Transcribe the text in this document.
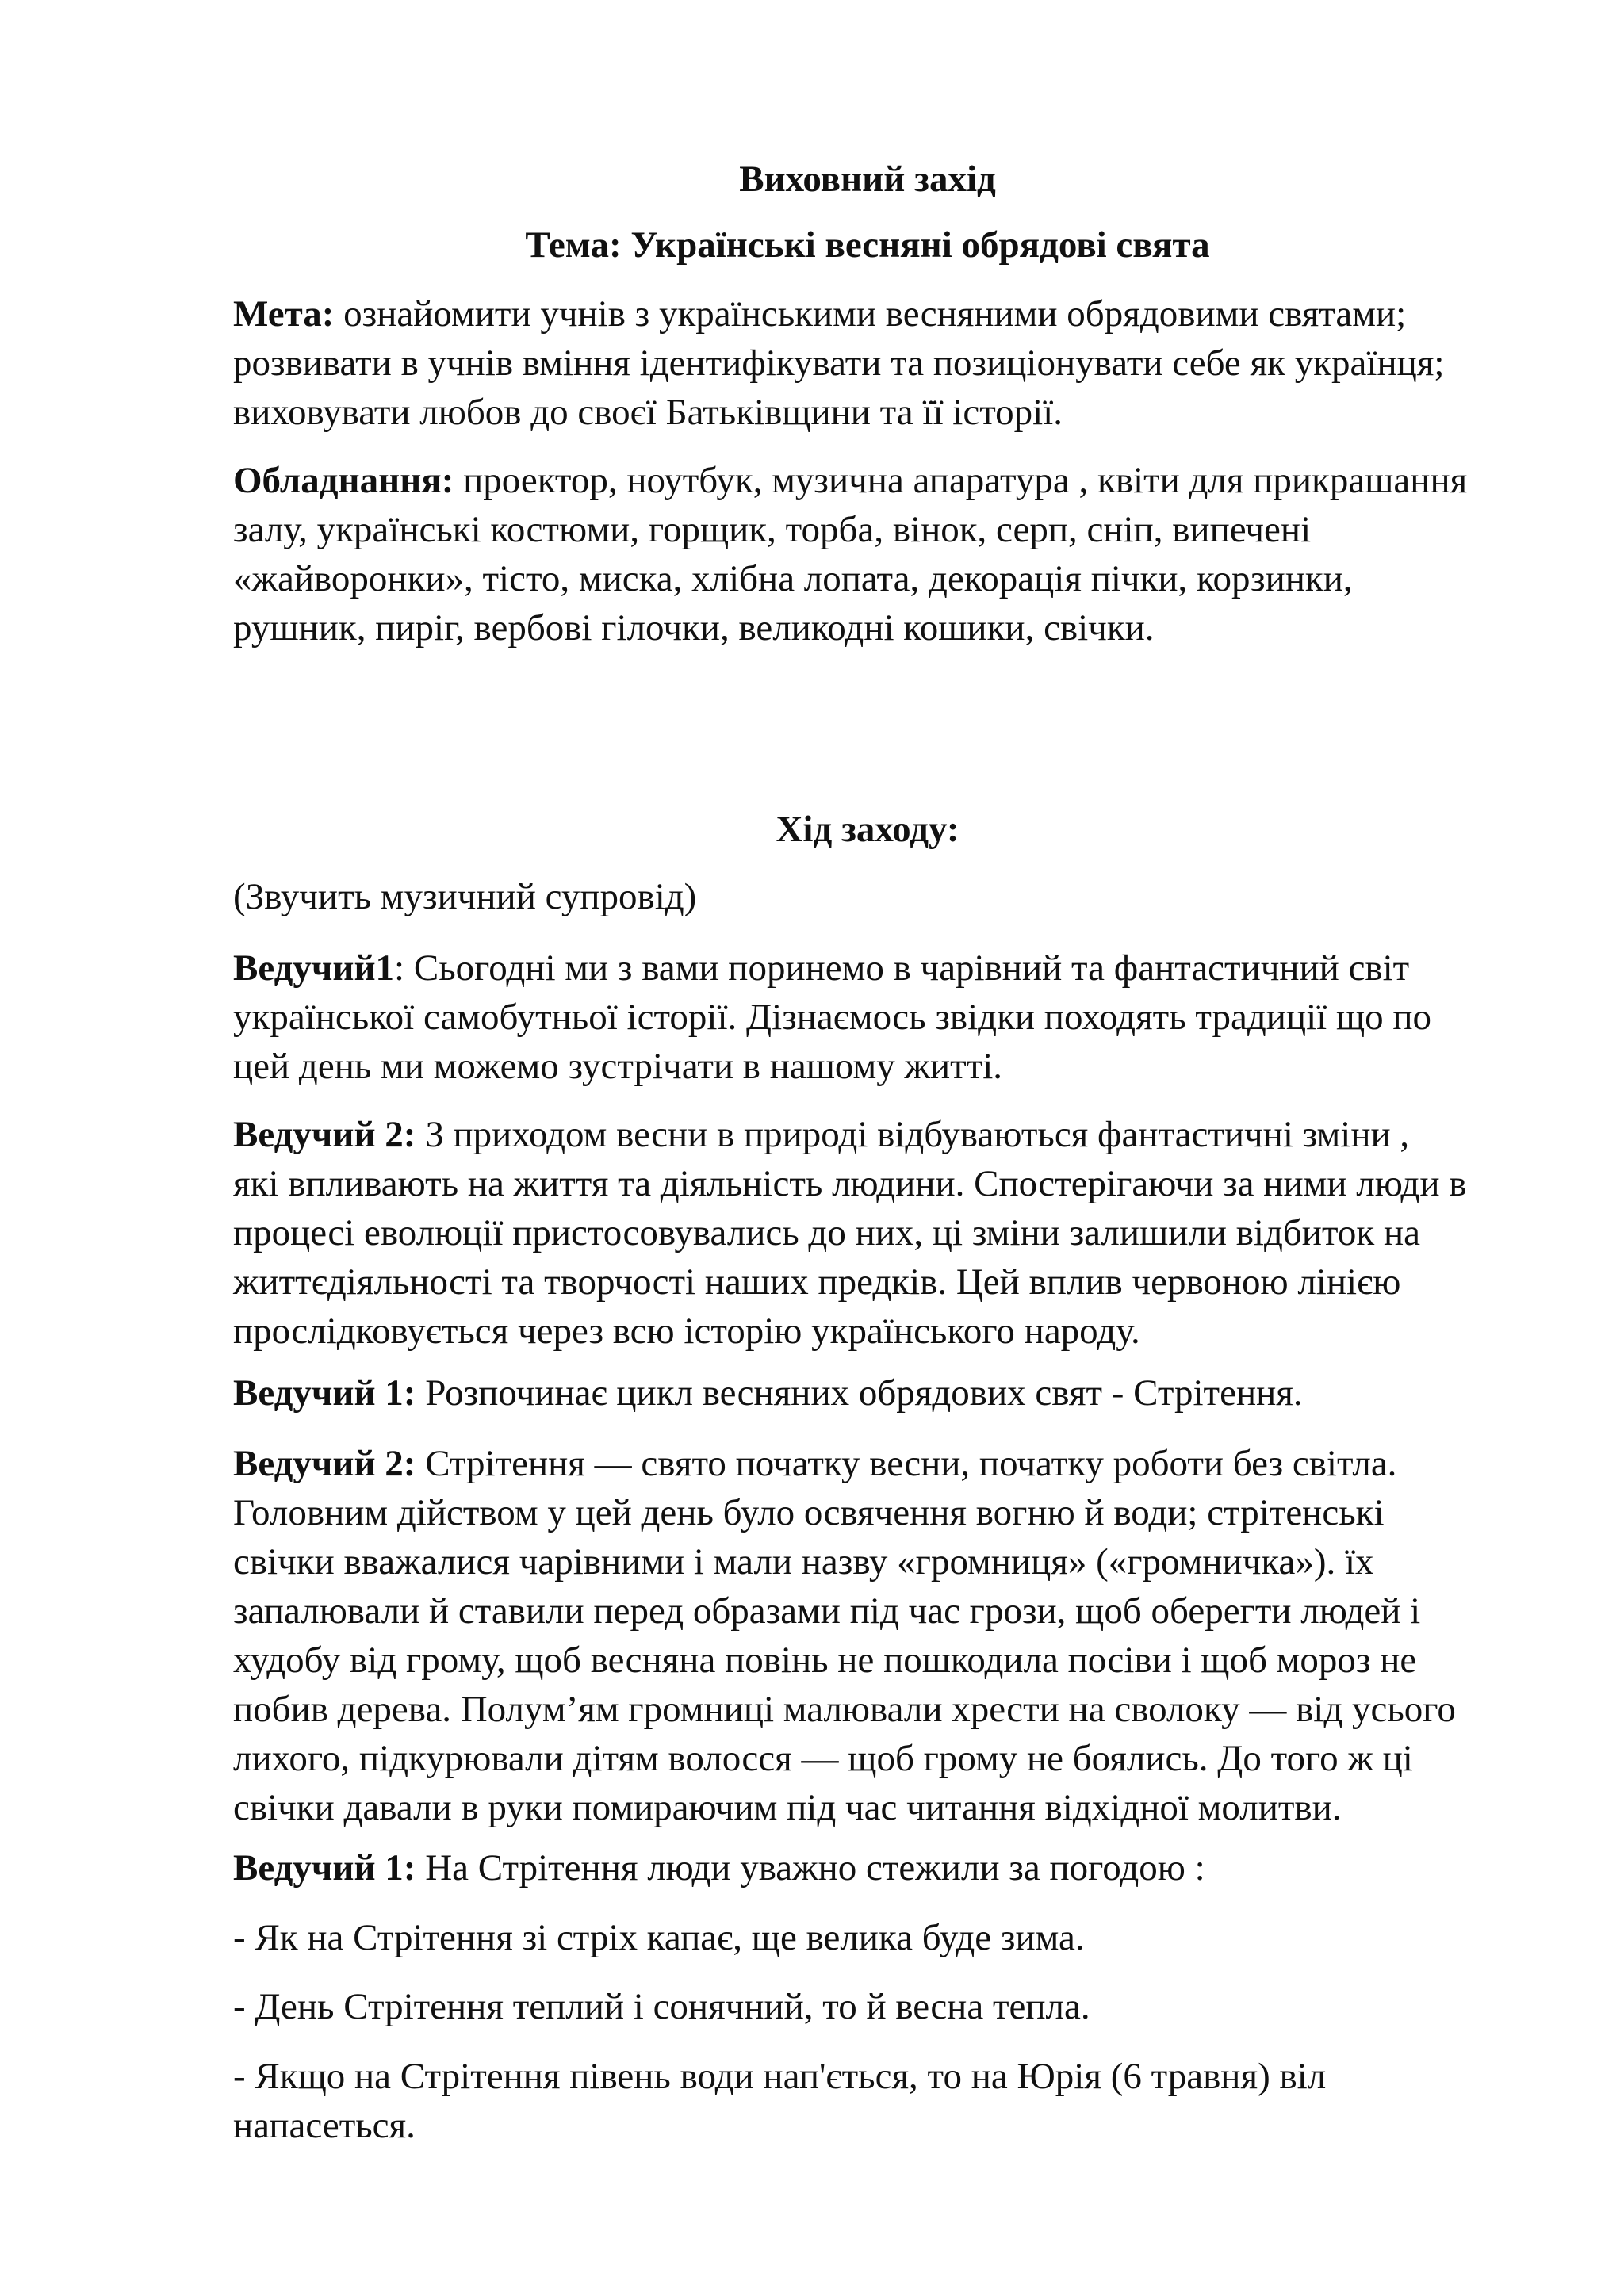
Виховний захід
Тема: Українські весняні обрядові свята
Мета: ознайомити учнів з українськими весняними обрядовими святами;
розвивати в учнів вміння ідентифікувати та позиціонувати себе як українця;
виховувати любов до своєї Батьківщини та її історії.
Обладнання: проектор, ноутбук, музична апаратура , квіти для прикрашання
залу, українські костюми, горщик, торба, вінок, серп, сніп, випечені
«жайворонки», тісто, миска, хлібна лопата, декорація пічки, корзинки,
рушник, пиріг, вербові гілочки, великодні кошики, свічки.
Хід заходу:
(Звучить музичний супровід)
Ведучий1: Сьогодні ми з вами поринемо в чарівний та фантастичний світ
української самобутньої історії. Дізнаємось звідки походять традиції що по
цей день ми можемо зустрічати в нашому житті.
Ведучий 2: З приходом весни в природі відбуваються фантастичні зміни ,
які впливають на життя та діяльність людини. Спостерігаючи за ними люди в
процесі еволюції пристосовувались до них, ці зміни залишили відбиток на
життєдіяльності та творчості наших предків. Цей вплив червоною лінією
прослідковується через всю історію українського народу.
Ведучий 1: Розпочинає цикл весняних обрядових свят - Стрітення.
Ведучий 2: Стрітення — свято початку весни, початку роботи без світла.
Головним дійством у цей день було освячення вогню й води; стрітенські
свічки вважалися чарівними і мали назву «громниця» («громничка»). їх
запалювали й ставили перед образами під час грози, щоб оберегти людей і
худобу від грому, щоб весняна повінь не пошкодила посіви і щоб мороз не
побив дерева. Полум’ям громниці малювали хрести на сволоку — від усього
лихого, підкурювали дітям волосся — щоб грому не боялись. До того ж ці
свічки давали в руки помираючим під час читання відхідної молитви.
Ведучий 1: На Стрітення люди уважно стежили за погодою :
- Як на Стрітення зі стріх капає, ще велика буде зима.
- День Стрітення теплий і сонячний, то й весна тепла.
- Якщо на Стрітення півень води нап'ється, то на Юрія (6 травня) віл
напасеться.
